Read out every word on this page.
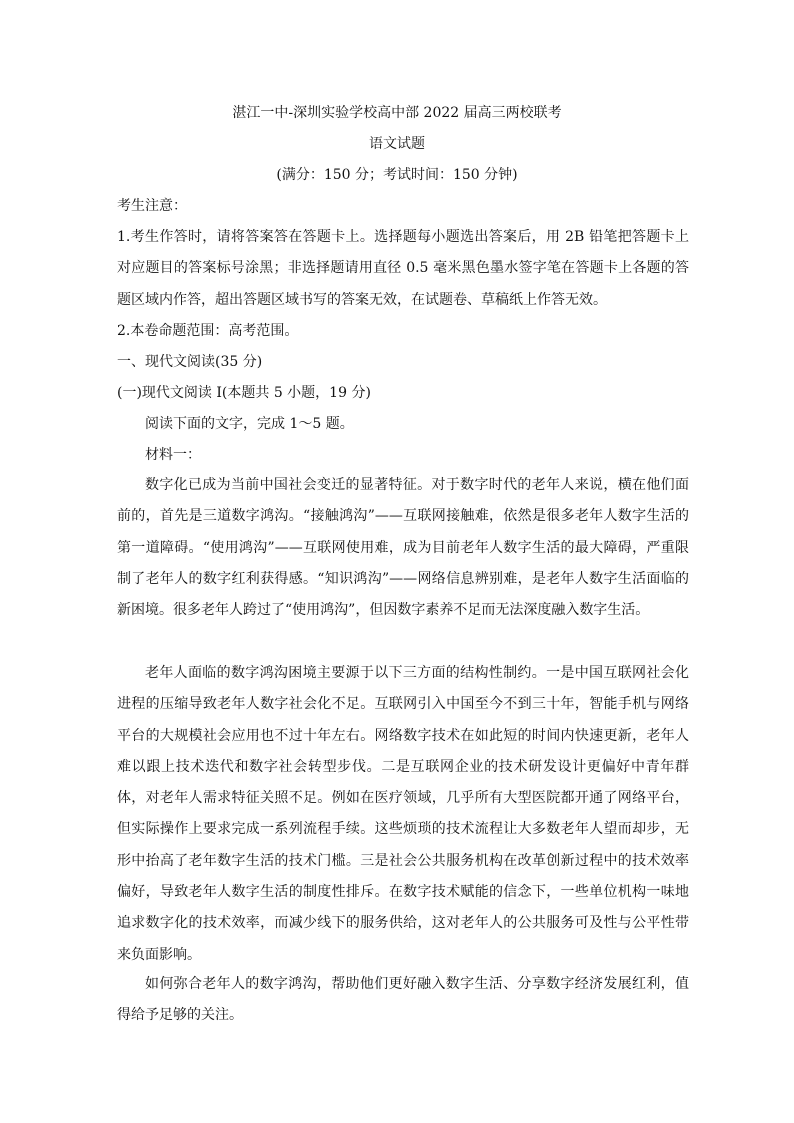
湛江一中-深圳实验学校高中部 2022 届高三两校联考
语文试题
(满分：150 分；考试时间：150 分钟)
考生注意：

1.考生作答时，请将答案答在答题卡上。选择题每小题选出答案后，用 2B 铅笔把答题卡上对应题目的答案标号涂黑；非选择题请用直径 0.5 毫米黑色墨水签字笔在答题卡上各题的答题区域内作答，超出答题区域书写的答案无效，在试题卷、草稿纸上作答无效。

2.本卷命题范围：高考范围。
一、现代文阅读(35 分)
(一)现代文阅读 I(本题共 5 小题，19 分)
阅读下面的文字，完成 1～5 题。
材料一：

数字化已成为当前中国社会变迁的显著特征。对于数字时代的老年人来说，横在他们面前的，首先是三道数字鸿沟。“接触鸿沟”——互联网接触难，依然是很多老年人数字生活的第一道障碍。“使用鸿沟”——互联网使用难，成为目前老年人数字生活的最大障碍，严重限制了老年人的数字红利获得感。“知识鸿沟”——网络信息辨别难，是老年人数字生活面临的新困境。很多老年人跨过了“使用鸿沟”，但因数字素养不足而无法深度融入数字生活。

老年人面临的数字鸿沟困境主要源于以下三方面的结构性制约。一是中国互联网社会化进程的压缩导致老年人数字社会化不足。互联网引入中国至今不到三十年，智能手机与网络平台的大规模社会应用也不过十年左右。网络数字技术在如此短的时间内快速更新，老年人难以跟上技术迭代和数字社会转型步伐。二是互联网企业的技术研发设计更偏好中青年群体，对老年人需求特征关照不足。例如在医疗领域，几乎所有大型医院都开通了网络平台，但实际操作上要求完成一系列流程手续。这些烦琐的技术流程让大多数老年人望而却步，无形中抬高了老年数字生活的技术门槛。三是社会公共服务机构在改革创新过程中的技术效率偏好，导致老年人数字生活的制度性排斥。在数字技术赋能的信念下，一些单位机构一味地追求数字化的技术效率，而减少线下的服务供给，这对老年人的公共服务可及性与公平性带来负面影响。

如何弥合老年人的数字鸿沟，帮助他们更好融入数字生活、分享数字经济发展红利，值得给予足够的关注。
